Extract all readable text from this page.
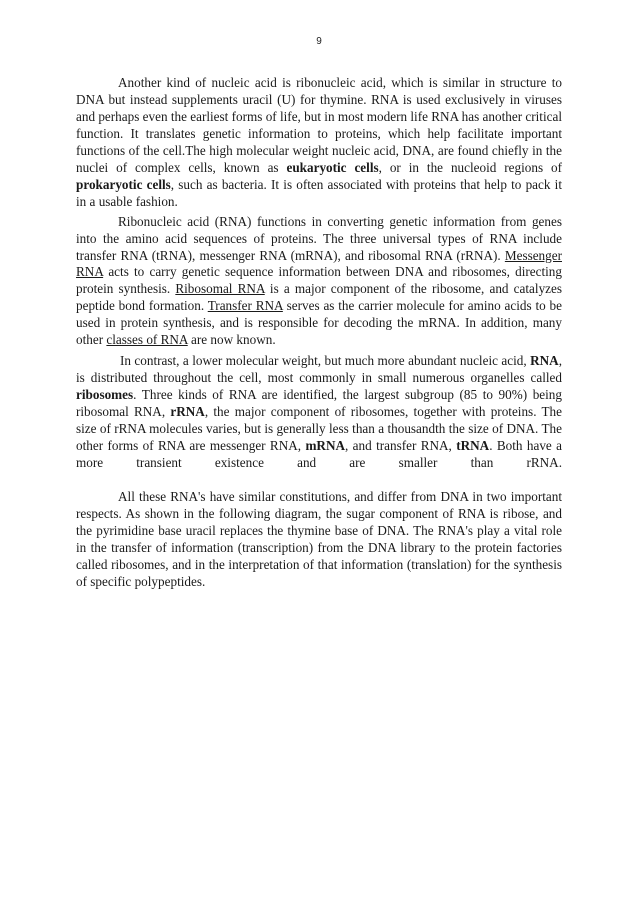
9

Another kind of nucleic acid is ribonucleic acid, which is similar in structure to DNA but instead supplements uracil (U) for thymine. RNA is used exclusively in viruses and perhaps even the earliest forms of life, but in most modern life RNA has another critical function. It translates genetic information to proteins, which help facilitate important functions of the cell.The high molecular weight nucleic acid, DNA, are found chiefly in the nuclei of complex cells, known as eukaryotic cells, or in the nucleoid regions of prokaryotic cells, such as bacteria. It is often associated with proteins that help to pack it in a usable fashion.

Ribonucleic acid (RNA) functions in converting genetic information from genes into the amino acid sequences of proteins. The three universal types of RNA include transfer RNA (tRNA), messenger RNA (mRNA), and ribosomal RNA (rRNA). Messenger RNA acts to carry genetic sequence information between DNA and ribosomes, directing protein synthesis. Ribosomal RNA is a major component of the ribosome, and catalyzes peptide bond formation. Transfer RNA serves as the carrier molecule for amino acids to be used in protein synthesis, and is responsible for decoding the mRNA. In addition, many other classes of RNA are now known.

In contrast, a lower molecular weight, but much more abundant nucleic acid, RNA, is distributed throughout the cell, most commonly in small numerous organelles called ribosomes. Three kinds of RNA are identified, the largest subgroup (85 to 90%) being ribosomal RNA, rRNA, the major component of ribosomes, together with proteins. The size of rRNA molecules varies, but is generally less than a thousandth the size of DNA. The other forms of RNA are messenger RNA, mRNA, and transfer RNA, tRNA. Both have a more transient existence and are smaller than rRNA.

All these RNA's have similar constitutions, and differ from DNA in two important respects. As shown in the following diagram, the sugar component of RNA is ribose, and the pyrimidine base uracil replaces the thymine base of DNA. The RNA's play a vital role in the transfer of information (transcription) from the DNA library to the protein factories called ribosomes, and in the interpretation of that information (translation) for the synthesis of specific polypeptides.
